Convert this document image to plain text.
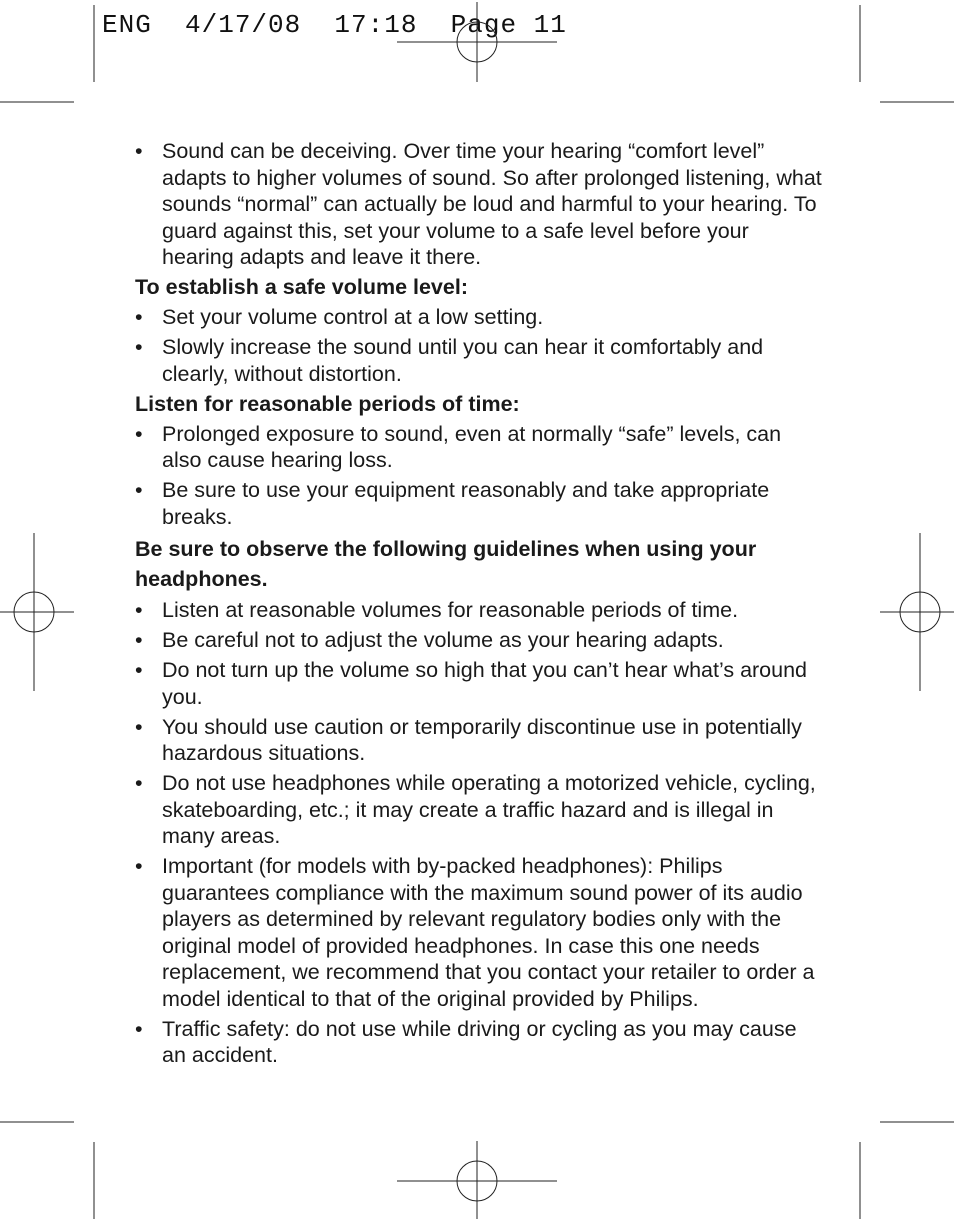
ENG  4/17/08  17:18  Page 11
• Sound can be deceiving. Over time your hearing “comfort level” adapts to higher volumes of sound. So after prolonged listening, what sounds “normal” can actually be loud and harmful to your hearing. To guard against this, set your volume to a safe level before your hearing adapts and leave it there.
To establish a safe volume level:
• Set your volume control at a low setting.
• Slowly increase the sound until you can hear it comfortably and clearly, without distortion.
Listen for reasonable periods of time:
• Prolonged exposure to sound, even at normally “safe” levels, can also cause hearing loss.
• Be sure to use your equipment reasonably and take appropriate breaks.
Be sure to observe the following guidelines when using your headphones.
• Listen at reasonable volumes for reasonable periods of time.
• Be careful not to adjust the volume as your hearing adapts.
• Do not turn up the volume so high that you can’t hear what’s around you.
• You should use caution or temporarily discontinue use in potentially hazardous situations.
• Do not use headphones while operating a motorized vehicle, cycling, skateboarding, etc.; it may create a traffic hazard and is illegal in many areas.
• Important (for models with by-packed headphones): Philips guarantees compliance with the maximum sound power of its audio players as determined by relevant regulatory bodies only with the original model of provided headphones. In case this one needs replacement, we recommend that you contact your retailer to order a model identical to that of the original provided by Philips.
• Traffic safety: do not use while driving or cycling as you may cause an accident.
